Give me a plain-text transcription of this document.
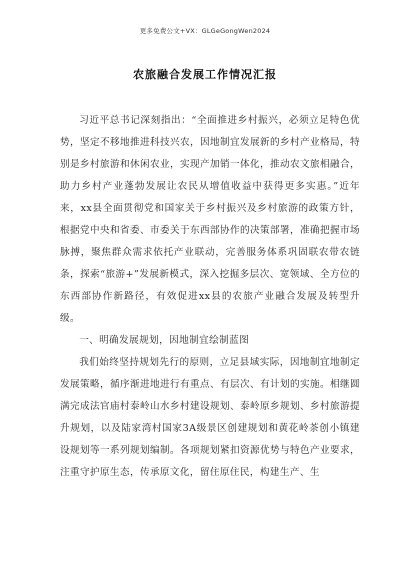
更多免费公文+VX：GLGeGongWen2024
农旅融合发展工作情况汇报

习近平总书记深刻指出：“全面推进乡村振兴，必须立足特色优势，坚定不移地推进科技兴农，因地制宜发展新的乡村产业格局，特别是乡村旅游和休闲农业，实现产加销一体化，推动农文旅相融合，助力乡村产业蓬勃发展让农民从增值收益中获得更多实惠。”近年来，xx县全面贯彻党和国家关于乡村振兴及乡村旅游的政策方针，根据党中央和省委、市委关于东西部协作的决策部署，准确把握市场脉搏，聚焦群众需求依托产业联动，完善服务体系巩固联农带农链条，探索“旅游+”发展新模式，深入挖掘多层次、宽领域、全方位的东西部协作新路径，有效促进xx县的农旅产业融合发展及转型升级。

一、明确发展规划，因地制宜绘制蓝图

我们始终坚持规划先行的原则，立足县域实际，因地制宜地制定发展策略，循序渐进地进行有重点、有层次、有计划的实施。相继圆满完成法官庙村泰岭山水乡村建设规划、泰岭原乡规划、乡村旅游提升规划，以及陆家湾村国家3A级景区创建规划和黄花岭茶创小镇建设规划等一系列规划编制。各项规划紧扣资源优势与特色产业要求，注重守护原生态，传承原文化，留住原住民，构建生产、生
